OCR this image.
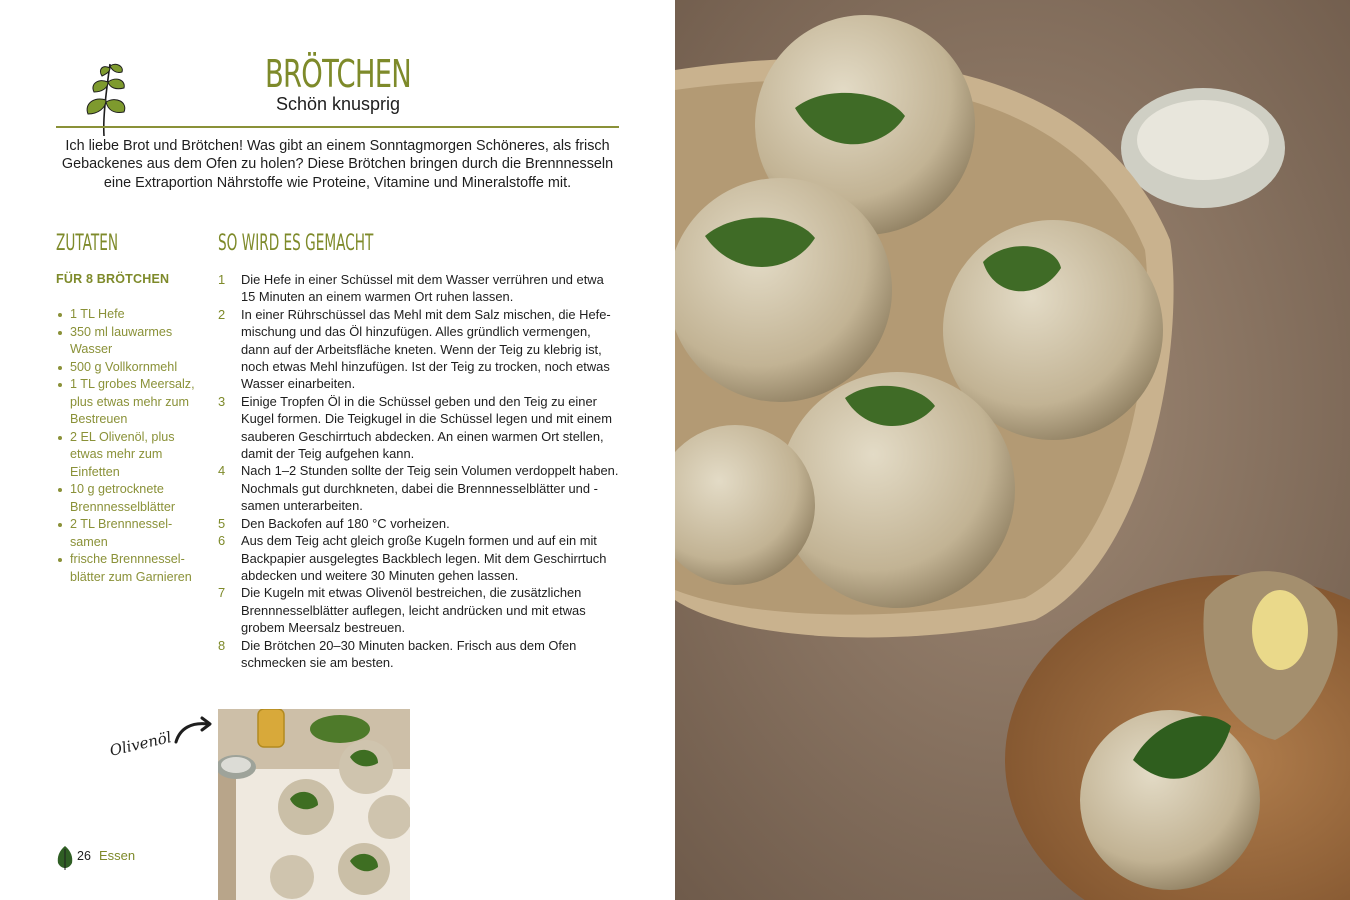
BRÖTCHEN
Schön knusprig

Ich liebe Brot und Brötchen! Was gibt an einem Sonntagmorgen Schöneres, als frisch Gebackenes aus dem Ofen zu holen? Diese Brötchen bringen durch die Brennnesseln eine Extraportion Nährstoffe wie Proteine, Vitamine und Mineralstoffe mit.

ZUTATEN	SO WIRD ES GEMACHT
FÜR 8 BRÖTCHEN
1 TL Hefe
350 ml lauwarmes Wasser
500 g Vollkornmehl
1 TL grobes Meersalz, plus etwas mehr zum Bestreuen
2 EL Olivenöl, plus etwas mehr zum Einfetten
10 g getrocknete Brennnesselblätter
2 TL Brennnessel-samen
frische Brennnessel-blätter zum Garnieren
1 Die Hefe in einer Schüssel mit dem Wasser verrühren und etwa 15 Minuten an einem warmen Ort ruhen lassen.
2 In einer Rührschüssel das Mehl mit dem Salz mischen, die Hefe-mischung und das Öl hinzufügen. Alles gründlich vermengen, dann auf der Arbeitsfläche kneten. Wenn der Teig zu klebrig ist, noch etwas Mehl hinzufügen. Ist der Teig zu trocken, noch etwas Wasser einarbeiten.
3 Einige Tropfen Öl in die Schüssel geben und den Teig zu einer Kugel formen. Die Teigkugel in die Schüssel legen und mit einem sauberen Geschirrtuch abdecken. An einen warmen Ort stellen, damit der Teig aufgehen kann.
4 Nach 1–2 Stunden sollte der Teig sein Volumen verdoppelt haben. Nochmals gut durchkneten, dabei die Brennnesselblätter und -samen unterarbeiten.
5 Den Backofen auf 180 °C vorheizen.
6 Aus dem Teig acht gleich große Kugeln formen und auf ein mit Backpapier ausgelegtes Backblech legen. Mit dem Geschirrtuch abdecken und weitere 30 Minuten gehen lassen.
7 Die Kugeln mit etwas Olivenöl bestreichen, die zusätzlichen Brennnesselblätter auflegen, leicht andrücken und mit etwas grobem Meersalz bestreuen.
8 Die Brötchen 20–30 Minuten backen. Frisch aus dem Ofen schmecken sie am besten.
Olivenöl
26 Essen
